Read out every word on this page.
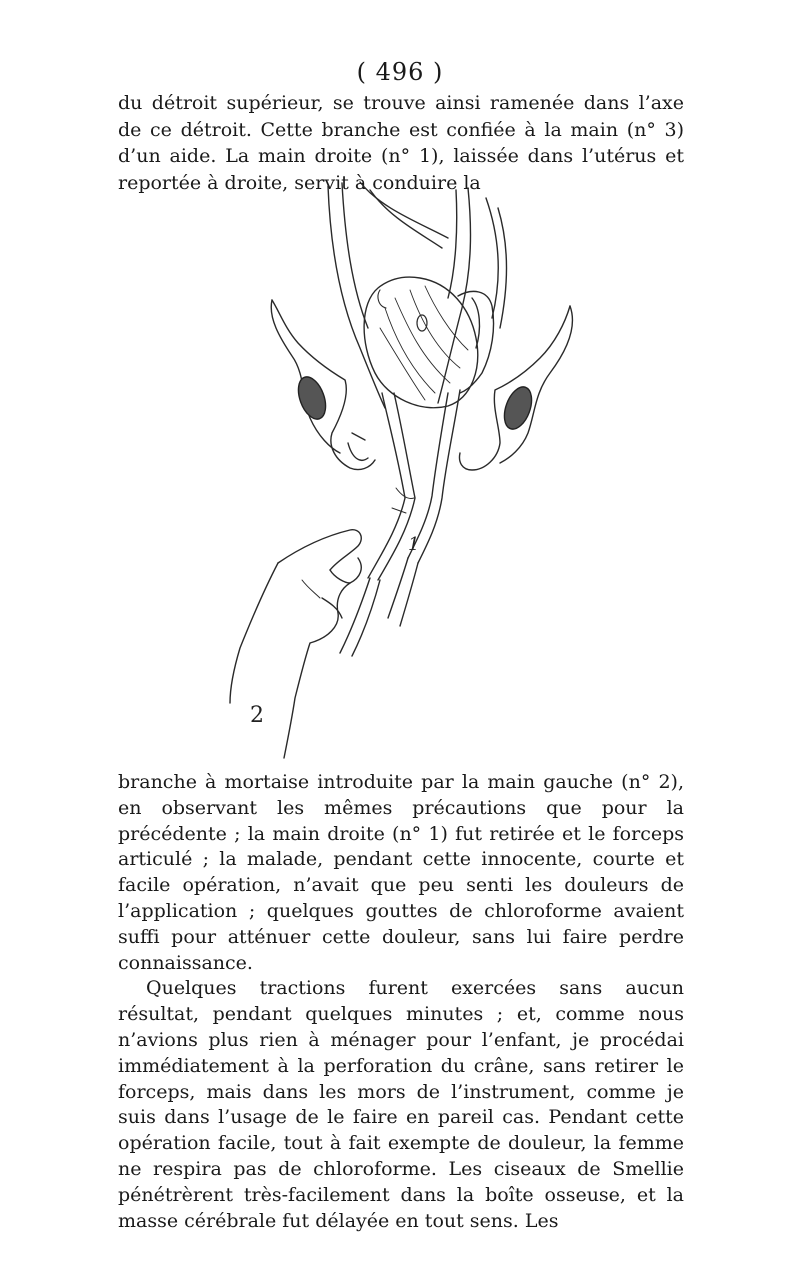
( 496 )

du détroit supérieur, se trouve ainsi ramenée dans l’axe de ce détroit. Cette branche est confiée à la main (n° 3) d’un aide. La main droite (n° 1), laissée dans l’utérus et reportée à droite, servit à conduire la

1
2

branche à mortaise introduite par la main gauche (n° 2), en observant les mêmes précautions que pour la précédente ; la main droite (n° 1) fut retirée et le forceps articulé ; la malade, pendant cette innocente, courte et facile opération, n’avait que peu senti les douleurs de l’application ; quelques gouttes de chloroforme avaient suffi pour atténuer cette douleur, sans lui faire perdre connaissance.

Quelques tractions furent exercées sans aucun résultat, pendant quelques minutes ; et, comme nous n’avions plus rien à ménager pour l’enfant, je procédai immédiatement à la perforation du crâne, sans retirer le forceps, mais dans les mors de l’instrument, comme je suis dans l’usage de le faire en pareil cas. Pendant cette opération facile, tout à fait exempte de douleur, la femme ne respira pas de chloroforme. Les ciseaux de Smellie pénétrèrent très-facilement dans la boîte osseuse, et la masse cérébrale fut délayée en tout sens. Les
